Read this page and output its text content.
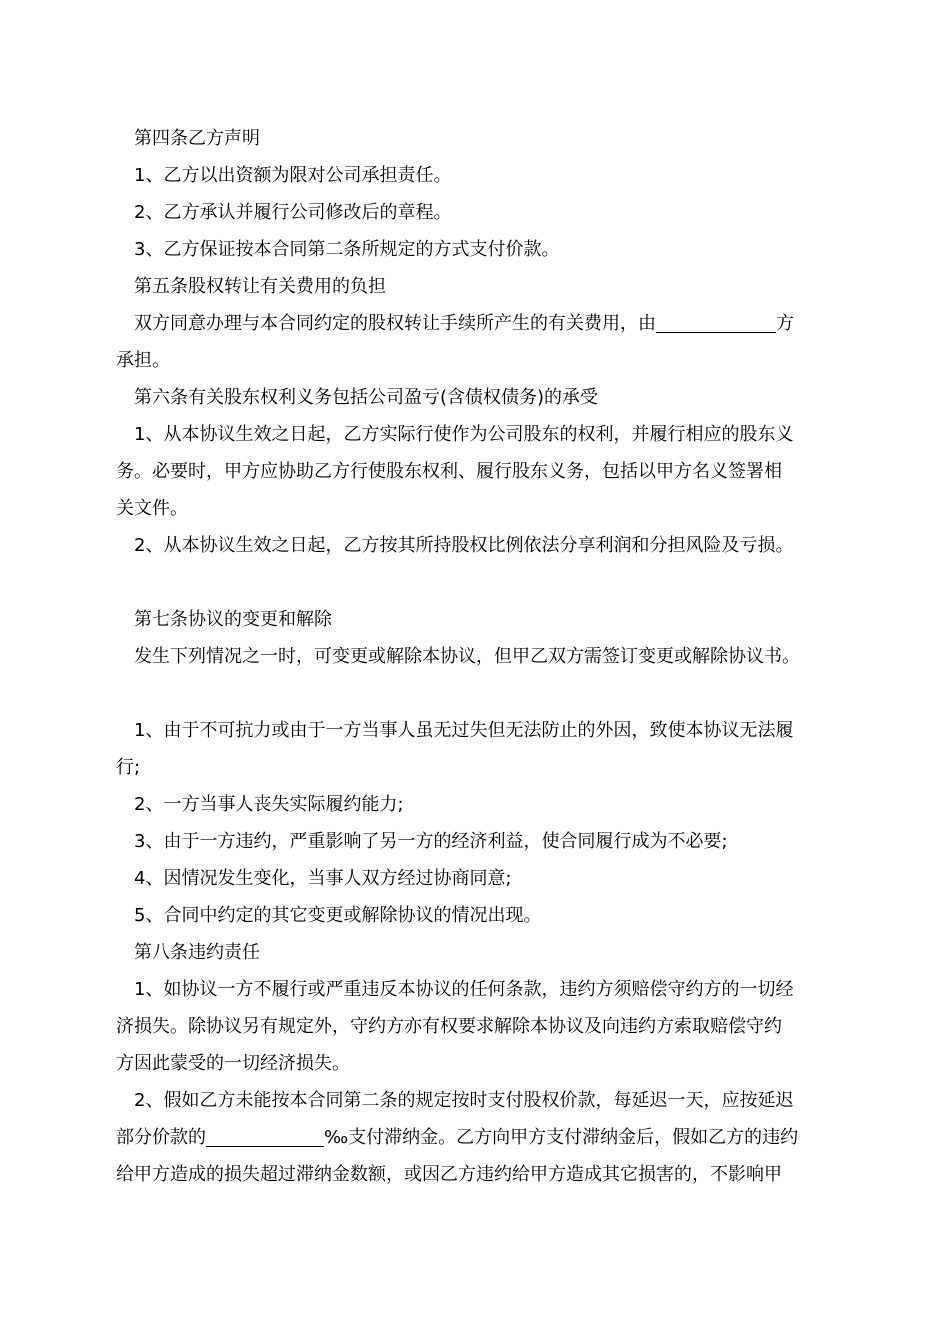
第四条乙方声明
1、乙方以出资额为限对公司承担责任。
2、乙方承认并履行公司修改后的章程。
3、乙方保证按本合同第二条所规定的方式支付价款。
第五条股权转让有关费用的负担
双方同意办理与本合同约定的股权转让手续所产生的有关费用，由	方
承担。
第六条有关股东权利义务包括公司盈亏(含债权债务)的承受
1、从本协议生效之日起，乙方实际行使作为公司股东的权利，并履行相应的股东义
务。必要时，甲方应协助乙方行使股东权利、履行股东义务，包括以甲方名义签署相
关文件。
2、从本协议生效之日起，乙方按其所持股权比例依法分享利润和分担风险及亏损。
第七条协议的变更和解除
发生下列情况之一时，可变更或解除本协议，但甲乙双方需签订变更或解除协议书。
1、由于不可抗力或由于一方当事人虽无过失但无法防止的外因，致使本协议无法履
行;
2、一方当事人丧失实际履约能力;
3、由于一方违约，严重影响了另一方的经济利益，使合同履行成为不必要;
4、因情况发生变化，当事人双方经过协商同意;
5、合同中约定的其它变更或解除协议的情况出现。
第八条违约责任
1、如协议一方不履行或严重违反本协议的任何条款，违约方须赔偿守约方的一切经
济损失。除协议另有规定外，守约方亦有权要求解除本协议及向违约方索取赔偿守约
方因此蒙受的一切经济损失。
2、假如乙方未能按本合同第二条的规定按时支付股权价款，每延迟一天，应按延迟
部分价款的	‰支付滞纳金。乙方向甲方支付滞纳金后，假如乙方的违约
给甲方造成的损失超过滞纳金数额，或因乙方违约给甲方造成其它损害的，不影响甲
